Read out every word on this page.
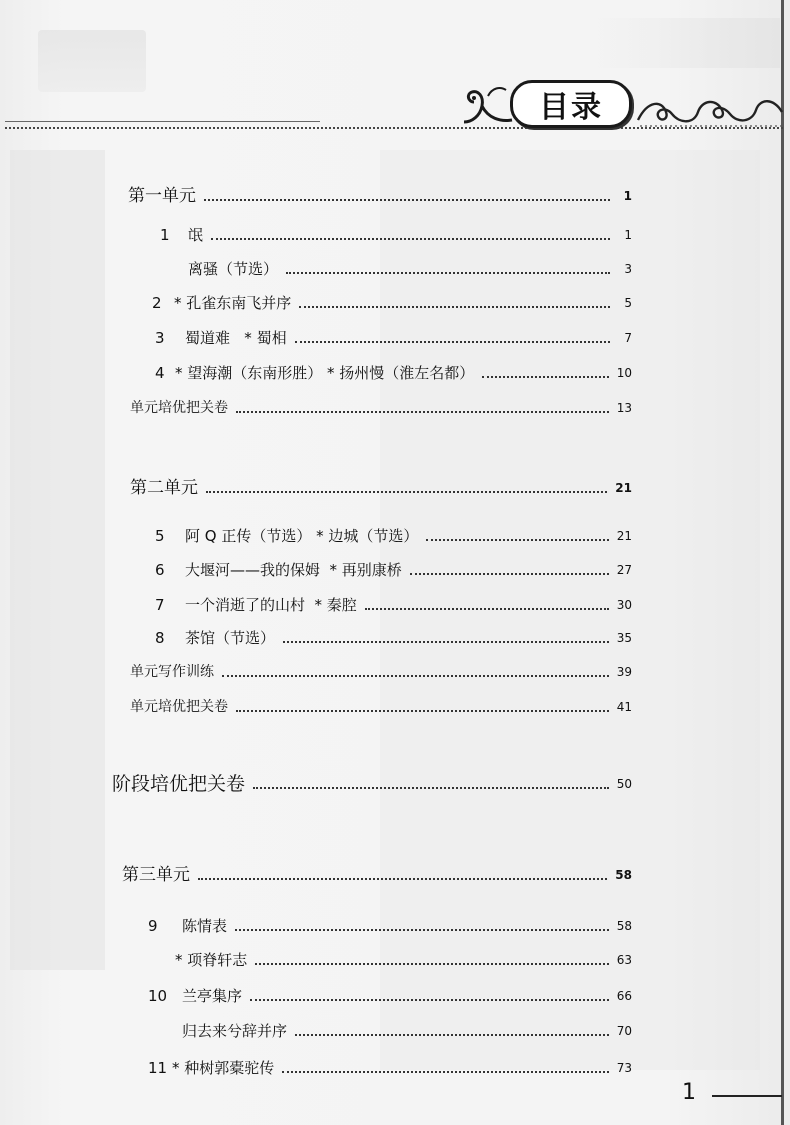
目录
第一单元	1
1	氓	1
离骚（节选）	3
2 * 孔雀东南飞并序	5
3	蜀道难   * 蜀相	7
4 * 望海潮（东南形胜） * 扬州慢（淮左名都）	10
单元培优把关卷	13
第二单元	21
5	阿 Q 正传（节选） * 边城（节选）	21
6	大堰河——我的保姆  * 再别康桥	27
7	一个消逝了的山村  * 秦腔	30
8	茶馆（节选）	35
单元写作训练	39
单元培优把关卷	41
阶段培优把关卷	50
第三单元	58
9	陈情表	58
* 项脊轩志	63
10 兰亭集序	66
归去来兮辞并序	70
11 * 种树郭橐驼传	73
1
